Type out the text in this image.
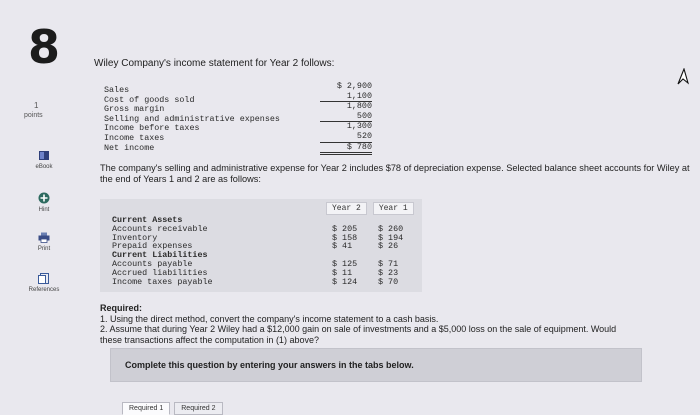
8
1
points
eBook
Hint
Print
References
Wiley Company's income statement for Year 2 follows:
Sales
Cost of goods sold
Gross margin
Selling and administrative expenses
Income before taxes
Income taxes
Net income
$ 2,900
1,100
1,800
500
1,300
520
$ 780
The company's selling and administrative expense for Year 2 includes $78 of depreciation expense. Selected balance sheet accounts for Wiley at the end of Years 1 and 2 are as follows:
Year 2	Year 1
Current Assets
Accounts receivable
Inventory
Prepaid expenses
Current Liabilities
Accounts payable
Accrued liabilities
Income taxes payable
$ 205
$ 158
$ 41
$ 125
$ 11
$ 124
$ 260
$ 194
$ 26
$ 71
$ 23
$ 70
Required:
1. Using the direct method, convert the company's income statement to a cash basis.
2. Assume that during Year 2 Wiley had a $12,000 gain on sale of investments and a $5,000 loss on the sale of equipment. Would
these transactions affect the computation in (1) above?
Complete this question by entering your answers in the tabs below.
Required 1	Required 2
